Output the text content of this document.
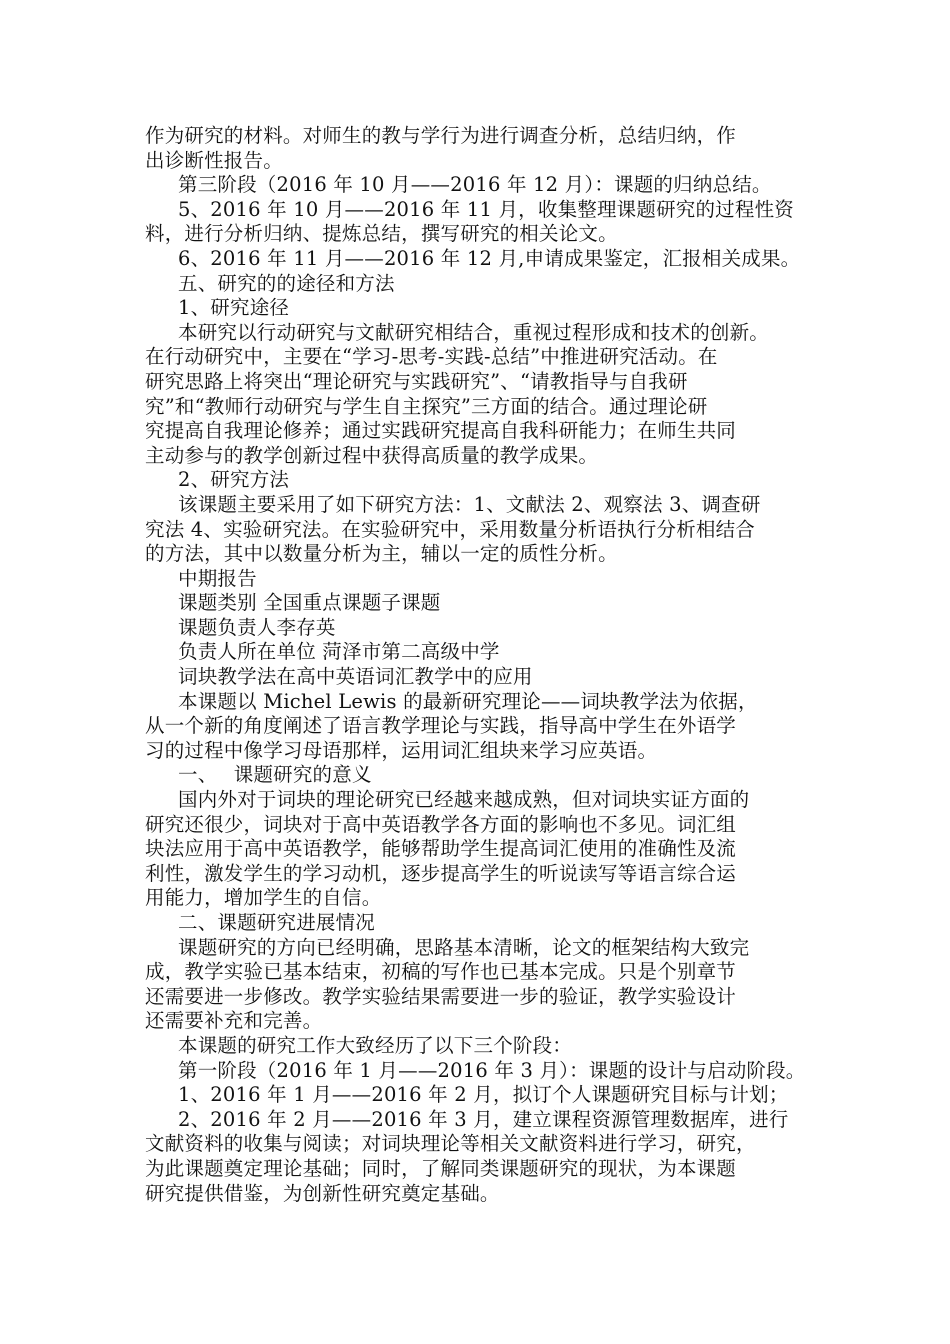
作为研究的材料。对师生的教与学行为进行调查分析，总结归纳，作

出诊断性报告。

第三阶段（2016 年 10 月——2016 年 12 月）：课题的归纳总结。

5、2016 年 10 月——2016 年 11 月，收集整理课题研究的过程性资

料，进行分析归纳、提炼总结，撰写研究的相关论文。

6、2016 年 11 月——2016 年 12 月,申请成果鉴定，汇报相关成果。

五、研究的的途径和方法

1、研究途径

本研究以行动研究与文献研究相结合，重视过程形成和技术的创新。

在行动研究中，主要在“学习-思考-实践-总结”中推进研究活动。在

研究思路上将突出“理论研究与实践研究”、“请教指导与自我研

究”和“教师行动研究与学生自主探究”三方面的结合。通过理论研

究提高自我理论修养；通过实践研究提高自我科研能力；在师生共同

主动参与的教学创新过程中获得高质量的教学成果。

2、研究方法

该课题主要采用了如下研究方法：1、文献法 2、观察法 3、调查研

究法 4、实验研究法。在实验研究中，采用数量分析语执行分析相结合

的方法，其中以数量分析为主，辅以一定的质性分析。

中期报告

课题类别 全国重点课题子课题

课题负责人李存英

负责人所在单位 菏泽市第二高级中学

词块教学法在高中英语词汇教学中的应用

本课题以 Michel Lewis 的最新研究理论——词块教学法为依据，

从一个新的角度阐述了语言教学理论与实践，指导高中学生在外语学

习的过程中像学习母语那样，运用词汇组块来学习应英语。

一、　 课题研究的意义

国内外对于词块的理论研究已经越来越成熟，但对词块实证方面的

研究还很少，词块对于高中英语教学各方面的影响也不多见。词汇组

块法应用于高中英语教学，能够帮助学生提高词汇使用的准确性及流

利性，激发学生的学习动机，逐步提高学生的听说读写等语言综合运

用能力，增加学生的自信。

二、课题研究进展情况

课题研究的方向已经明确，思路基本清晰，论文的框架结构大致完

成，教学实验已基本结束，初稿的写作也已基本完成。只是个别章节

还需要进一步修改。教学实验结果需要进一步的验证，教学实验设计

还需要补充和完善。

本课题的研究工作大致经历了以下三个阶段：

第一阶段（2016 年 1 月——2016 年 3 月）：课题的设计与启动阶段。

1、2016 年 1 月——2016 年 2 月，拟订个人课题研究目标与计划；

2、2016 年 2 月——2016 年 3 月，建立课程资源管理数据库，进行

文献资料的收集与阅读；对词块理论等相关文献资料进行学习，研究，

为此课题奠定理论基础；同时，了解同类课题研究的现状，为本课题

研究提供借鉴，为创新性研究奠定基础。
